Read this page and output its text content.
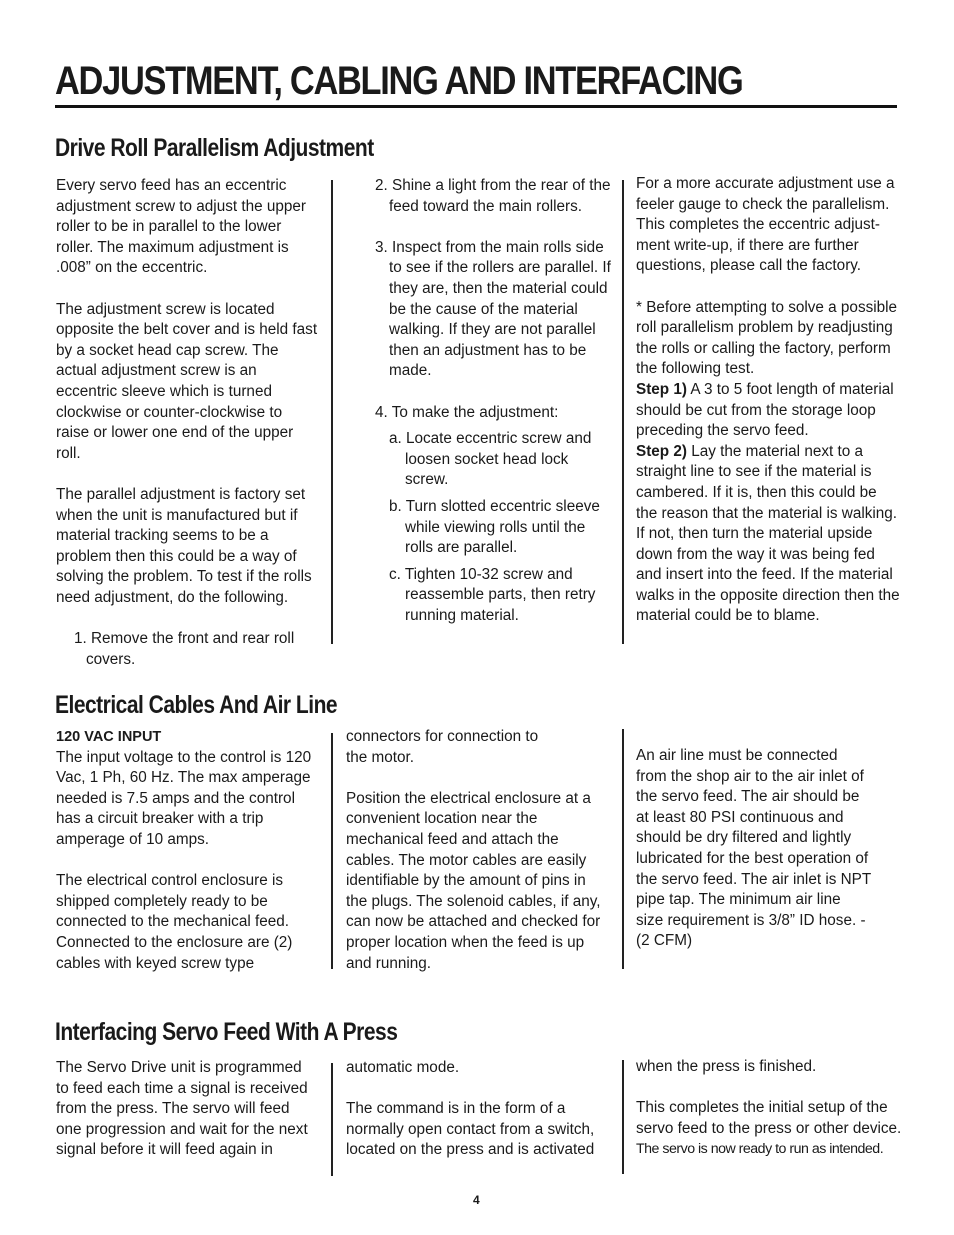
ADJUSTMENT, CABLING AND INTERFACING
Drive Roll Parallelism Adjustment

Every servo feed has an eccentric adjustment screw to adjust the upper roller to be in parallel to the lower roller. The maximum adjustment is .008” on the eccentric.

The adjustment screw is located opposite the belt cover and is held fast by a socket head cap screw. The actual adjustment screw is an eccentric sleeve which is turned clockwise or counter-clockwise to raise or lower one end of the upper roll.

The parallel adjustment is factory set when the unit is manufactured but if material tracking seems to be a problem then this could be a way of solving the problem. To test if the rolls need adjustment, do the following.

1. Remove the front and rear roll covers.

2. Shine a light from the rear of the feed toward the main rollers.

3. Inspect from the main rolls side to see if the rollers are parallel. If they are, then the material could be the cause of the material walking. If they are not parallel then an adjustment has to be made.

4. To make the adjustment:

a. Locate eccentric screw and loosen socket head lock screw.

b. Turn slotted eccentric sleeve while viewing rolls until the rolls are parallel.

c. Tighten 10-32 screw and reassemble parts, then retry running material.

For a more accurate adjustment use a feeler gauge to check the parallelism. This completes the eccentric adjust-ment write-up, if there are further questions, please call the factory.

* Before attempting to solve a possible roll parallelism problem by readjusting the rolls or calling the factory, perform the following test.

Step 1) A 3 to 5 foot length of material should be cut from the storage loop preceding the servo feed.

Step 2) Lay the material next to a straight line to see if the material is cambered. If it is, then this could be the reason that the material is walking. If not, then turn the material upside down from the way it was being fed and insert into the feed. If the material walks in the opposite direction then the material could be to blame.

Electrical Cables And Air Line

120 VAC INPUT

The input voltage to the control is 120 Vac, 1 Ph, 60 Hz. The max amperage needed is 7.5 amps and the control has a circuit breaker with a trip amperage of 10 amps.

The electrical control enclosure is shipped completely ready to be connected to the mechanical feed. Connected to the enclosure are (2) cables with keyed screw type

connectors for connection to the motor.

Position the electrical enclosure at a convenient location near the mechanical feed and attach the cables. The motor cables are easily identifiable by the amount of pins in the plugs. The solenoid cables, if any, can now be attached and checked for proper location when the feed is up and running.

An air line must be connected from the shop air to the air inlet of the servo feed. The air should be at least 80 PSI continuous and should be dry filtered and lightly lubricated for the best operation of the servo feed. The air inlet is NPT pipe tap. The minimum air line size requirement is 3/8” ID hose. - (2 CFM)

Interfacing Servo Feed With A Press

The Servo Drive unit is programmed to feed each time a signal is received from the press. The servo will feed one progression and wait for the next signal before it will feed again in

automatic mode.

The command is in the form of a normally open contact from a switch, located on the press and is activated

when the press is finished.

This completes the initial setup of the servo feed to the press or other device.

The servo is now ready to run as intended.

4
